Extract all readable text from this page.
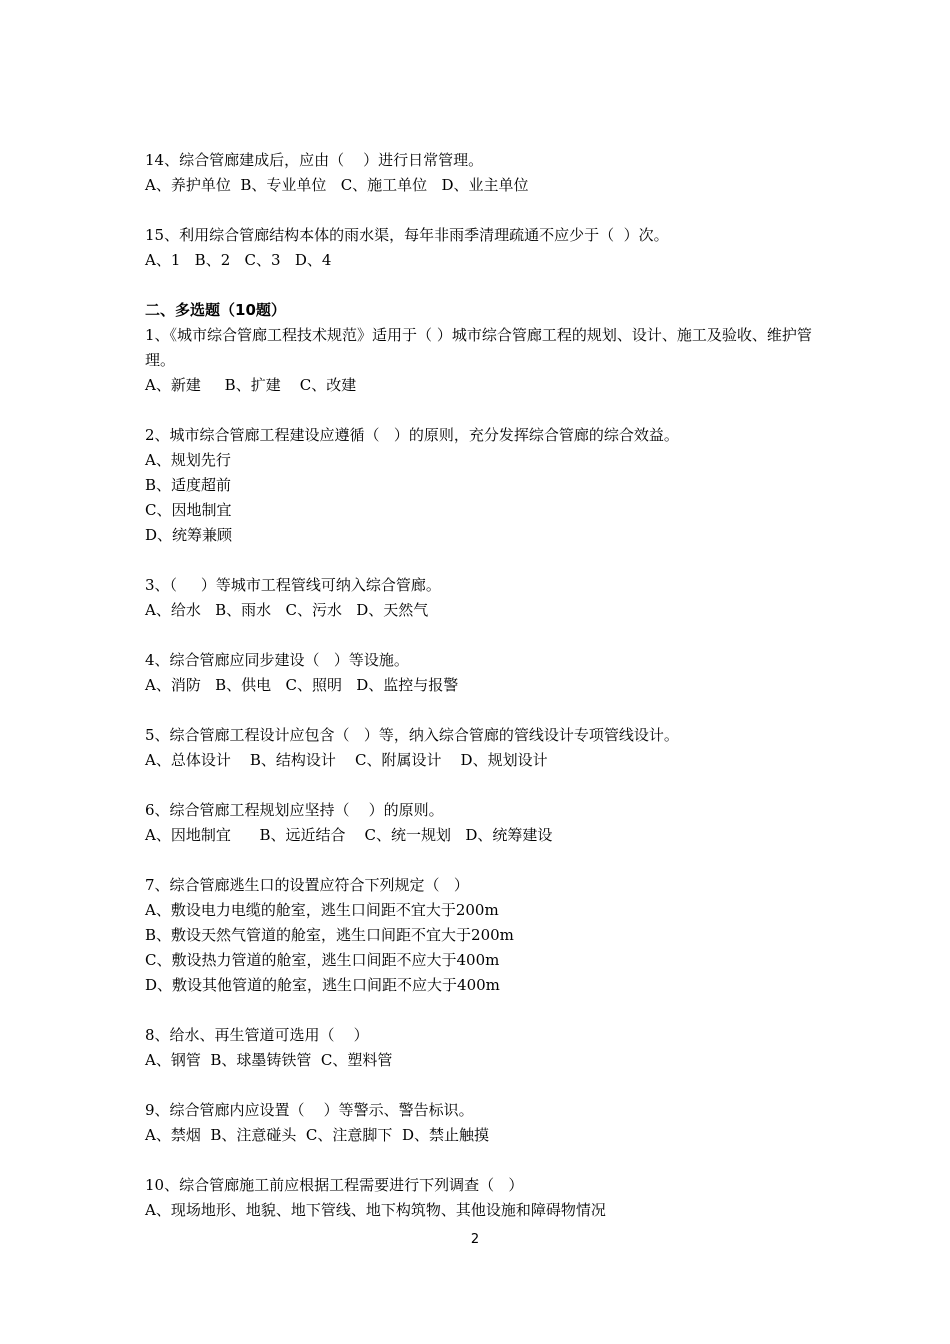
14、综合管廊建成后，应由（    ）进行日常管理。

A、养护单位  B、专业单位   C、施工单位   D、业主单位

15、利用综合管廊结构本体的雨水渠，每年非雨季清理疏通不应少于（  ）次。

A、1   B、2   C、3   D、4

二、多选题（10题）

1、《城市综合管廊工程技术规范》适用于（ ）城市综合管廊工程的规划、设计、施工及验收、维护管理。

A、新建     B、扩建    C、改建

2、城市综合管廊工程建设应遵循（   ）的原则，充分发挥综合管廊的综合效益。

A、规划先行

B、适度超前

C、因地制宜

D、统筹兼顾

3、（     ）等城市工程管线可纳入综合管廊。

A、给水   B、雨水   C、污水   D、天然气

4、综合管廊应同步建设（   ）等设施。

A、消防   B、供电   C、照明   D、监控与报警

5、综合管廊工程设计应包含（   ）等，纳入综合管廊的管线设计专项管线设计。

A、总体设计    B、结构设计    C、附属设计    D、规划设计

6、综合管廊工程规划应坚持（    ）的原则。

A、因地制宜      B、远近结合    C、统一规划   D、统筹建设

7、综合管廊逃生口的设置应符合下列规定（   ）

A、敷设电力电缆的舱室，逃生口间距不宜大于200m

B、敷设天然气管道的舱室，逃生口间距不宜大于200m

C、敷设热力管道的舱室，逃生口间距不应大于400m

D、敷设其他管道的舱室，逃生口间距不应大于400m

8、给水、再生管道可选用（    ）

A、钢管  B、球墨铸铁管  C、塑料管

9、综合管廊内应设置（    ）等警示、警告标识。

A、禁烟  B、注意碰头  C、注意脚下  D、禁止触摸

10、综合管廊施工前应根据工程需要进行下列调查（   ）

A、现场地形、地貌、地下管线、地下构筑物、其他设施和障碍物情况

2
